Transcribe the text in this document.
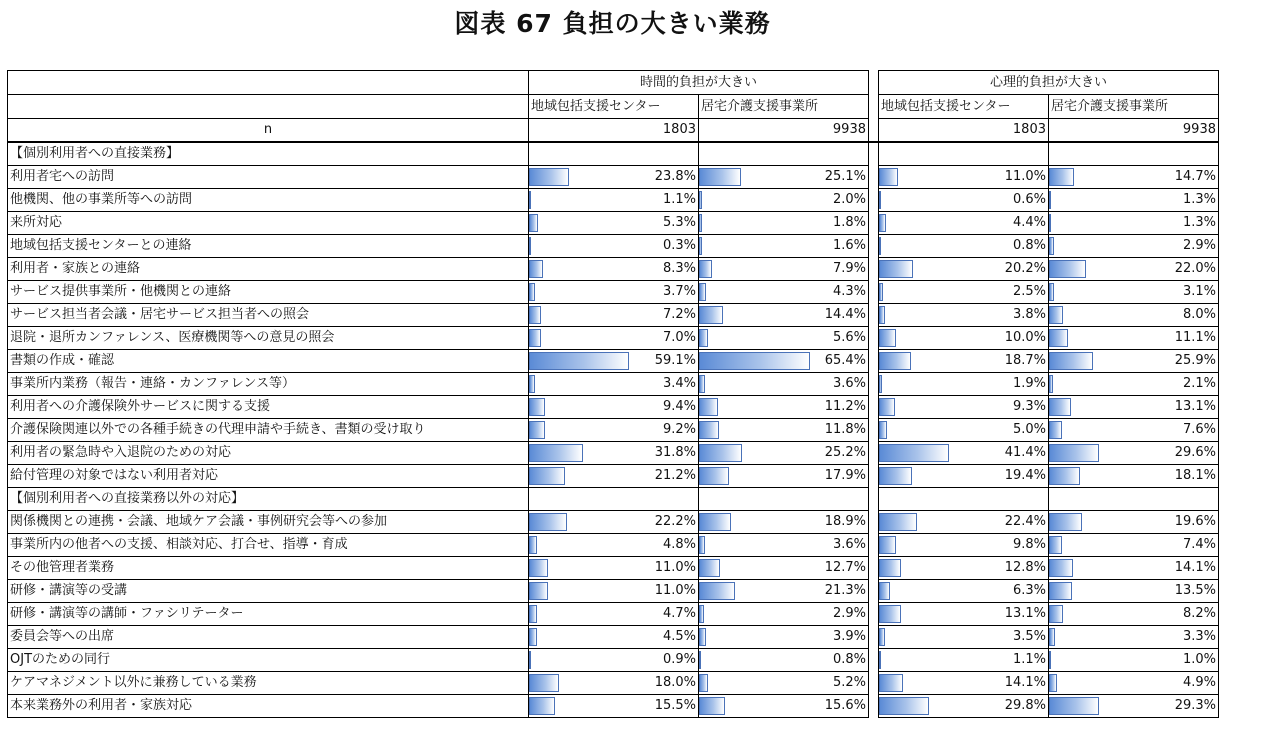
図表 67 負担の大きい業務
	時間的負担が大きい			心理的負担が大きい	
	地域包括支援センター	居宅介護支援事業所		地域包括支援センター	居宅介護支援事業所
n	1803	9938		1803	9938
【個別利用者への直接業務】					
利用者宅への訪問	23.8%	25.1%		11.0%	14.7%
他機関、他の事業所等への訪問	1.1%	2.0%		0.6%	1.3%
来所対応	5.3%	1.8%		4.4%	1.3%
地域包括支援センターとの連絡	0.3%	1.6%		0.8%	2.9%
利用者・家族との連絡	8.3%	7.9%		20.2%	22.0%
サービス提供事業所・他機関との連絡	3.7%	4.3%		2.5%	3.1%
サービス担当者会議・居宅サービス担当者への照会	7.2%	14.4%		3.8%	8.0%
退院・退所カンファレンス、医療機関等への意見の照会	7.0%	5.6%		10.0%	11.1%
書類の作成・確認	59.1%	65.4%		18.7%	25.9%
事業所内業務（報告・連絡・カンファレンス等）	3.4%	3.6%		1.9%	2.1%
利用者への介護保険外サービスに関する支援	9.4%	11.2%		9.3%	13.1%
介護保険関連以外での各種手続きの代理申請や手続き、書類の受け取り	9.2%	11.8%		5.0%	7.6%
利用者の緊急時や入退院のための対応	31.8%	25.2%		41.4%	29.6%
給付管理の対象ではない利用者対応	21.2%	17.9%		19.4%	18.1%
【個別利用者への直接業務以外の対応】					
関係機関との連携・会議、地域ケア会議・事例研究会等への参加	22.2%	18.9%		22.4%	19.6%
事業所内の他者への支援、相談対応、打合せ、指導・育成	4.8%	3.6%		9.8%	7.4%
その他管理者業務	11.0%	12.7%		12.8%	14.1%
研修・講演等の受講	11.0%	21.3%		6.3%	13.5%
研修・講演等の講師・ファシリテーター	4.7%	2.9%		13.1%	8.2%
委員会等への出席	4.5%	3.9%		3.5%	3.3%
OJTのための同行	0.9%	0.8%		1.1%	1.0%
ケアマネジメント以外に兼務している業務	18.0%	5.2%		14.1%	4.9%
本来業務外の利用者・家族対応	15.5%	15.6%		29.8%	29.3%
